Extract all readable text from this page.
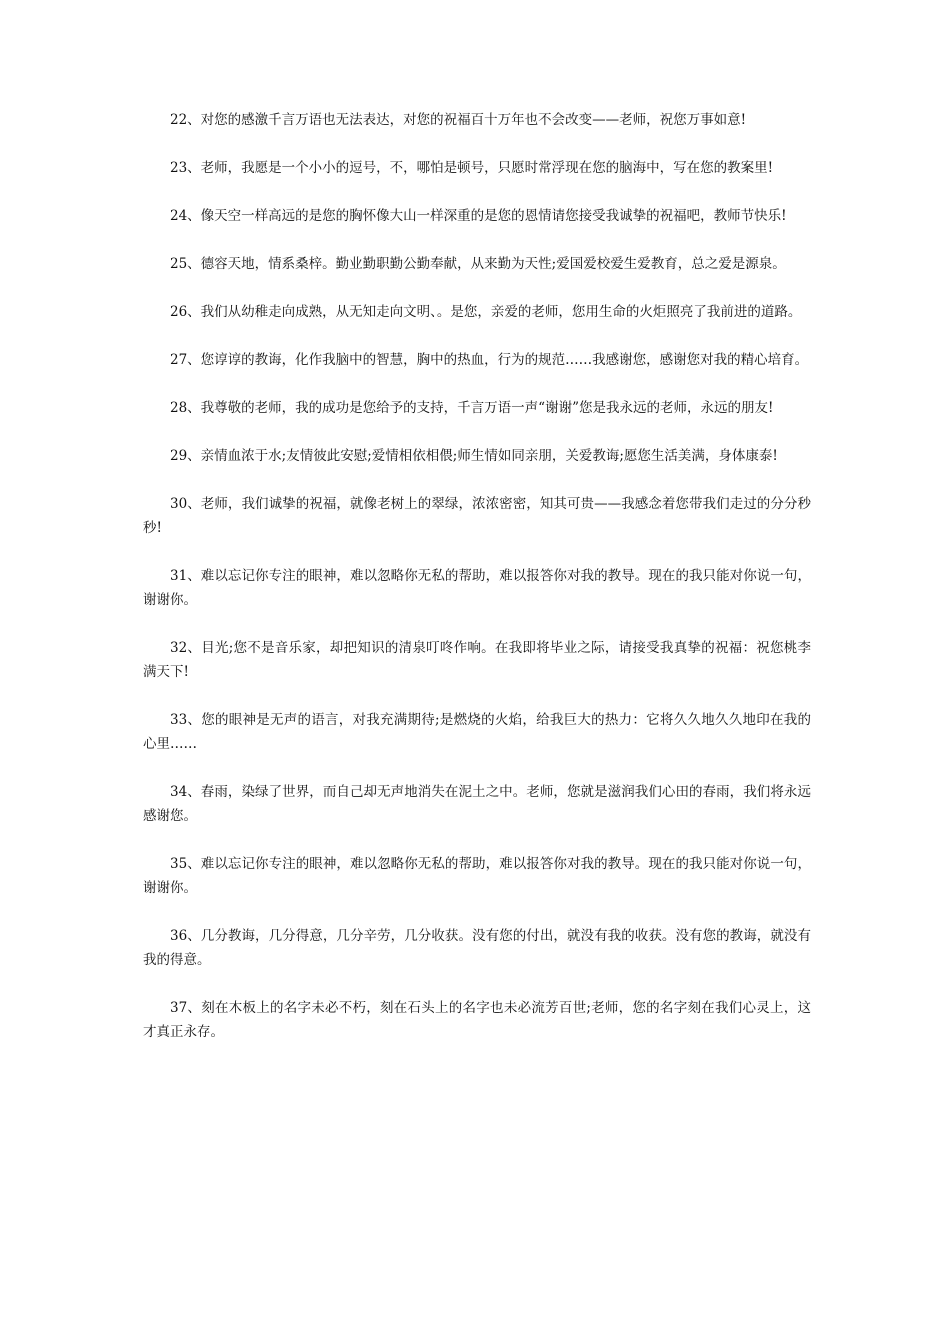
22、对您的感激千言万语也无法表达，对您的祝福百十万年也不会改变——老师，祝您万事如意!

23、老师，我愿是一个小小的逗号，不，哪怕是顿号，只愿时常浮现在您的脑海中，写在您的教案里!

24、像天空一样高远的是您的胸怀像大山一样深重的是您的恩情请您接受我诚挚的祝福吧，教师节快乐!

25、德容天地，情系桑梓。勤业勤职勤公勤奉献，从来勤为天性;爱国爱校爱生爱教育，总之爱是源泉。

26、我们从幼稚走向成熟，从无知走向文明、。是您，亲爱的老师，您用生命的火炬照亮了我前进的道路。

27、您谆谆的教诲，化作我脑中的智慧，胸中的热血，行为的规范……我感谢您，感谢您对我的精心培育。

28、我尊敬的老师，我的成功是您给予的支持，千言万语一声“谢谢”您是我永远的老师，永远的朋友!

29、亲情血浓于水;友情彼此安慰;爱情相依相偎;师生情如同亲朋，关爱教诲;愿您生活美满，身体康泰!

30、老师，我们诚挚的祝福，就像老树上的翠绿，浓浓密密，知其可贵——我感念着您带我们走过的分分秒秒!

31、难以忘记你专注的眼神，难以忽略你无私的帮助，难以报答你对我的教导。现在的我只能对你说一句，谢谢你。

32、目光;您不是音乐家，却把知识的清泉叮咚作响。在我即将毕业之际，请接受我真挚的祝福：祝您桃李满天下!

33、您的眼神是无声的语言，对我充满期待;是燃烧的火焰，给我巨大的热力：它将久久地久久地印在我的心里……

34、春雨，染绿了世界，而自己却无声地消失在泥土之中。老师，您就是滋润我们心田的春雨，我们将永远感谢您。

35、难以忘记你专注的眼神，难以忽略你无私的帮助，难以报答你对我的教导。现在的我只能对你说一句，谢谢你。

36、几分教诲，几分得意，几分辛劳，几分收获。没有您的付出，就没有我的收获。没有您的教诲，就没有我的得意。

37、刻在木板上的名字未必不朽，刻在石头上的名字也未必流芳百世;老师，您的名字刻在我们心灵上，这才真正永存。
